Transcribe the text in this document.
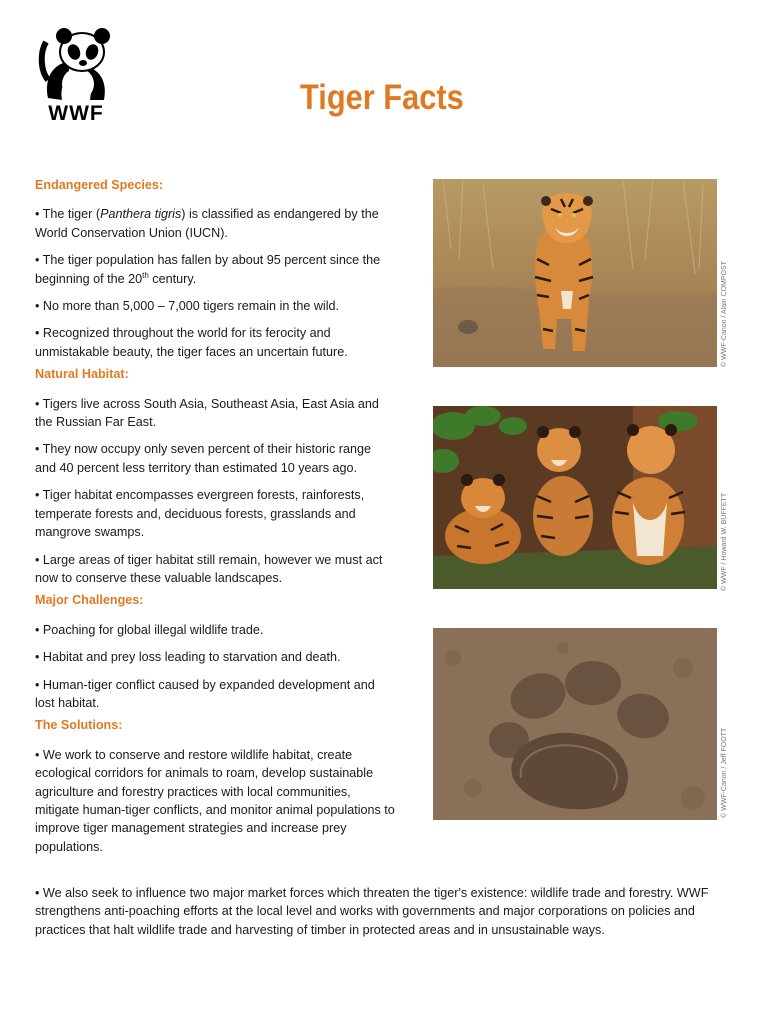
WWF	Tiger Facts
Endangered Species:
• The tiger (Panthera tigris) is classified as endangered by the World Conservation Union (IUCN).
• The tiger population has fallen by about 95 percent since the beginning of the 20th century.
• No more than 5,000 – 7,000 tigers remain in the wild.
• Recognized throughout the world for its ferocity and unmistakable beauty, the tiger faces an uncertain future.
Natural Habitat:
• Tigers live across South Asia, Southeast Asia, East Asia and the Russian Far East.
• They now occupy only seven percent of their historic range and 40 percent less territory than estimated 10 years ago.
• Tiger habitat encompasses evergreen forests, rainforests, temperate forests and, deciduous forests, grasslands and mangrove swamps.
• Large areas of tiger habitat still remain, however we must act now to conserve these valuable landscapes.
Major Challenges:
• Poaching for global illegal wildlife trade.
• Habitat and prey loss leading to starvation and death.
• Human-tiger conflict caused by expanded development and lost habitat.
The Solutions:
• We work to conserve and restore wildlife habitat, create ecological corridors for animals to roam, develop sustainable agriculture and forestry practices with local communities, mitigate human-tiger conflicts, and monitor animal populations to improve tiger management strategies and increase prey populations.
• We also seek to influence two major market forces which threaten the tiger's existence: wildlife trade and forestry. WWF strengthens anti-poaching efforts at the local level and works with governments and major corporations on policies and practices that halt wildlife trade and harvesting of timber in protected areas and in unsustainable ways.
© WWF-Canon / Alain COMPOST
© WWF / Howard W. BUFFETT
© WWF-Canon / Jeff FOOTT
